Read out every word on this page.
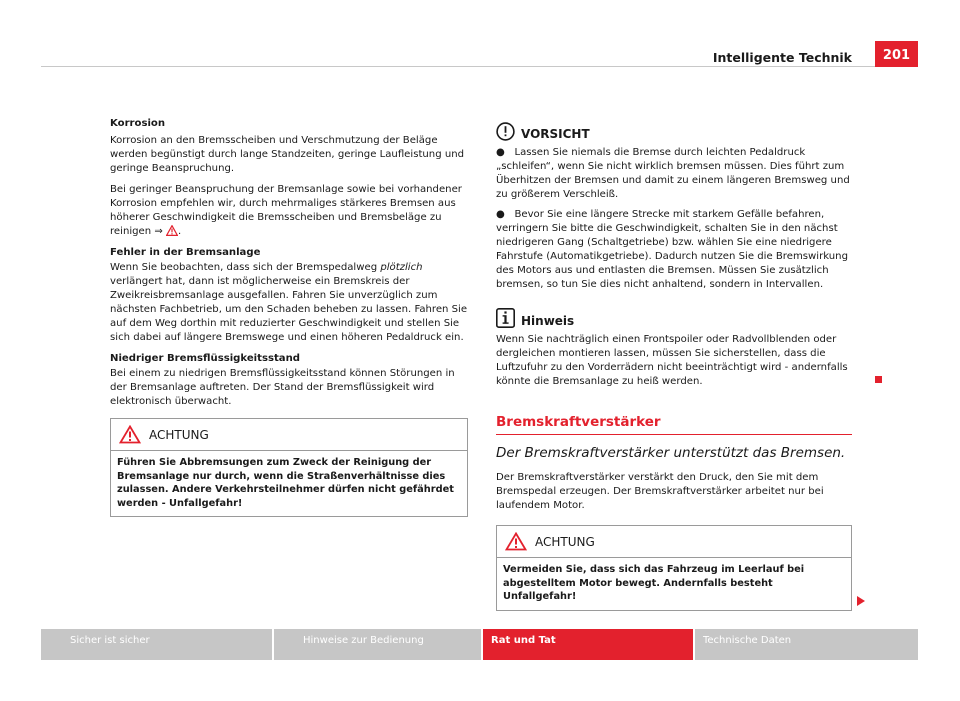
Intelligente Technik	201
Korrosion
Korrosion an den Bremsscheiben und Verschmutzung der Beläge werden begünstigt durch lange Standzeiten, geringe Laufleistung und geringe Beanspruchung.
Bei geringer Beanspruchung der Bremsanlage sowie bei vorhandener Korrosion empfehlen wir, durch mehrmaliges stärkeres Bremsen aus höherer Geschwindigkeit die Bremsscheiben und Bremsbeläge zu reinigen ⇒ .
Fehler in der Bremsanlage
Wenn Sie beobachten, dass sich der Bremspedalweg plötzlich verlängert hat, dann ist möglicherweise ein Bremskreis der Zweikreisbremsanlage ausgefallen. Fahren Sie unverzüglich zum nächsten Fachbetrieb, um den Schaden beheben zu lassen. Fahren Sie auf dem Weg dorthin mit reduzierter Geschwindigkeit und stellen Sie sich dabei auf längere Bremswege und einen höheren Pedaldruck ein.
Niedriger Bremsflüssigkeitsstand
Bei einem zu niedrigen Bremsflüssigkeitsstand können Störungen in der Bremsanlage auftreten. Der Stand der Bremsflüssigkeit wird elektronisch überwacht.
ACHTUNG
Führen Sie Abbremsungen zum Zweck der Reinigung der Bremsanlage nur durch, wenn die Straßenverhältnisse dies zulassen. Andere Verkehrsteilnehmer dürfen nicht gefährdet werden - Unfallgefahr!
VORSICHT
● Lassen Sie niemals die Bremse durch leichten Pedaldruck „schleifen“, wenn Sie nicht wirklich bremsen müssen. Dies führt zum Überhitzen der Bremsen und damit zu einem längeren Bremsweg und zu größerem Verschleiß.
● Bevor Sie eine längere Strecke mit starkem Gefälle befahren, verringern Sie bitte die Geschwindigkeit, schalten Sie in den nächst niedrigeren Gang (Schaltgetriebe) bzw. wählen Sie eine niedrigere Fahrstufe (Automatikgetriebe). Dadurch nutzen Sie die Bremswirkung des Motors aus und entlasten die Bremsen. Müssen Sie zusätzlich bremsen, so tun Sie dies nicht anhaltend, sondern in Intervallen.
Hinweis
Wenn Sie nachträglich einen Frontspoiler oder Radvollblenden oder dergleichen montieren lassen, müssen Sie sicherstellen, dass die Luftzufuhr zu den Vorderrädern nicht beeinträchtigt wird - andernfalls könnte die Bremsanlage zu heiß werden.
Bremskraftverstärker
Der Bremskraftverstärker unterstützt das Bremsen.
Der Bremskraftverstärker verstärkt den Druck, den Sie mit dem Bremspedal erzeugen. Der Bremskraftverstärker arbeitet nur bei laufendem Motor.
ACHTUNG
Vermeiden Sie, dass sich das Fahrzeug im Leerlauf bei abgestelltem Motor bewegt. Andernfalls besteht Unfallgefahr!
Sicher ist sicher	Hinweise zur Bedienung	Rat und Tat	Technische Daten
